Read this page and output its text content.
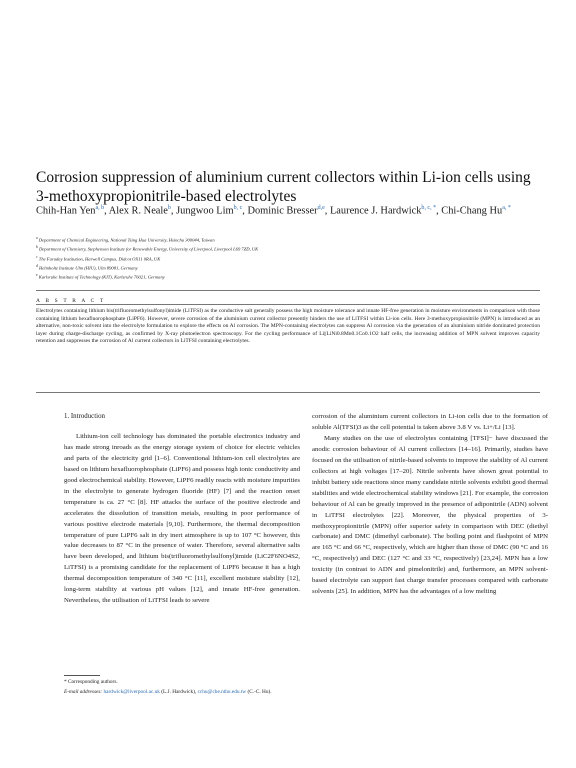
Corrosion suppression of aluminium current collectors within Li-ion cells using 3-methoxypropionitrile-based electrolytes
Chih-Han Yen$^{a, b}$, Alex R. Neale$^b$, Jungwoo Lim$^{b, c}$, Dominic Bresser$^{d,e}$, Laurence J. Hardwick$^{b, c, *}$, Chi-Chang $Hu^{a, *}$
$^a$ Department of Chemical Engineering, National Tsing Hua University, Hsinchu 300044, Taiwan
$^b$ Department of Chemistry, Stephenson Institute for Renewable Energy, University of Liverpool, Liverpool L69 7ZD, UK
$^c$ The Faraday Institution, Harwell Campus, Didcot OX11 0RA, UK
$^d$ Helmholtz Institute Ulm (HIU), Ulm 89081, Germany
$^e$ Karlsruhe Institute of Technology (KIT), Karlsruhe 76021, Germany
A B S T R A C T
Electrolytes containing lithium bis(trifluoromethylsulfonyl)imide (LiTFSI) as the conductive salt generally possess the high moisture tolerance and innate HF-free generation in moisture environments in comparison with those containing lithium hexafluorophosphate (LiPF6). However, severe corrosion of the aluminium current collector presently hinders the use of LiTFSI within Li-ion cells. Here 3-methoxypropionitrile (MPN) is introduced as an alternative, non-toxic solvent into the electrolyte formulation to explore the effects on Al corrosion. The MPN-containing electrolytes can suppress Al corrosion via the generation of an aluminium nitride dominated protection layer during charge-discharge cycling, as confirmed by X-ray photoelectron spectroscopy. For the cycling performance of Li||LiNi0.8Mn0.1Co0.1O2 half cells, the increasing addition of MPN solvent improves capacity retention and suppresses the corrosion of Al current collectors in LiTFSI containing electrolytes.
1. Introduction

Lithium-ion cell technology has dominated the portable electronics industry and has made strong inroads as the energy storage system of choice for electric vehicles and parts of the electricity grid [1–6]. Conventional lithium-ion cell electrolytes are based on lithium hexafluorophosphate (LiPF6) and possess high ionic conductivity and good electrochemical stability. However, LiPF6 readily reacts with moisture impurities in the electrolyte to generate hydrogen fluoride (HF) [7] and the reaction onset temperature is ca. 27 °C [8]. HF attacks the surface of the positive electrode and accelerates the dissolution of transition metals, resulting in poor performance of various positive electrode materials [9,10]. Furthermore, the thermal decomposition temperature of pure LiPF6 salt in dry inert atmosphere is up to 107 °C however, this value decreases to 87 °C in the presence of water. Therefore, several alternative salts have been developed, and lithium bis(trifluoromethylsulfonyl)imide (LiC2F6NO4S2, LiTFSI) is a promising candidate for the replacement of LiPF6 because it has a high thermal decomposition temperature of 340 °C [11], excellent moisture stability [12], long-term stability at various pH values [12], and innate HF-free generation. Nevertheless, the utilisation of LiTFSI leads to severe

corrosion of the aluminium current collectors in Li-ion cells due to the formation of soluble Al(TFSI)3 as the cell potential is taken above 3.8 V vs. Li+/Li [13].

Many studies on the use of electrolytes containing [TFSI]− have discussed the anodic corrosion behaviour of Al current collectors [14–16]. Primarily, studies have focused on the utilisation of nitrile-based solvents to improve the stability of Al current collectors at high voltages [17–20]. Nitrile solvents have shown great potential to inhibit battery side reactions since many candidate nitrile solvents exhibit good thermal stabilities and wide electrochemical stability windows [21]. For example, the corrosion behaviour of Al can be greatly improved in the presence of adiponitrile (ADN) solvent in LiTFSI electrolytes [22]. Moreover, the physical properties of 3-methoxypropionitrile (MPN) offer superior safety in comparison with DEC (diethyl carbonate) and DMC (dimethyl carbonate). The boiling point and flashpoint of MPN are 165 °C and 66 °C, respectively, which are higher than those of DMC (90 °C and 16 °C, respectively) and DEC (127 °C and 33 °C, respectively) [23,24]. MPN has a low toxicity (in contrast to ADN and pimelonitrile) and, furthermore, an MPN solvent-based electrolyte can support fast charge transfer processes compared with carbonate solvents [25]. In addition, MPN has the advantages of a low melting

* Corresponding authors.
E-mail addresses: hardwick@liverpool.ac.uk (L.J. Hardwick), cchu@che.nthu.edu.tw (C.-C. Hu).
